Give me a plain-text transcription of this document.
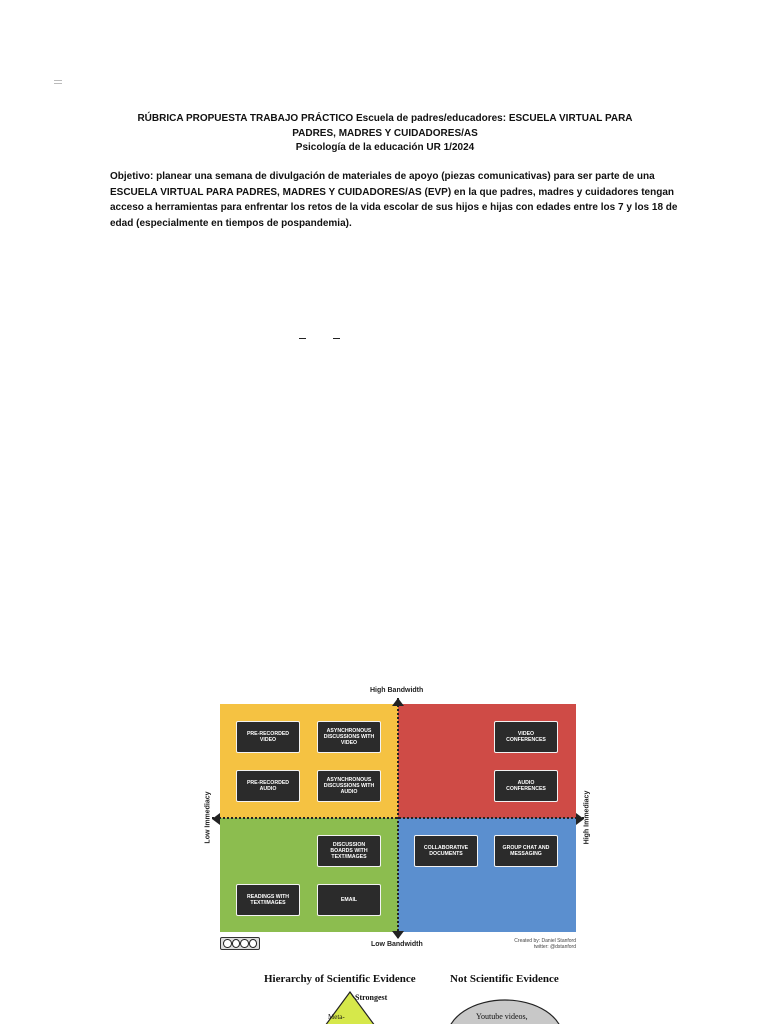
RÚBRICA PROPUESTA TRABAJO PRÁCTICO Escuela de padres/educadores: ESCUELA VIRTUAL PARA
PADRES, MADRES Y CUIDADORES/AS
Psicología de la educación UR 1/2024
Objetivo: planear una semana de divulgación de materiales de apoyo (piezas comunicativas) para ser parte de una ESCUELA VIRTUAL PARA PADRES, MADRES Y CUIDADORES/AS (EVP) en la que padres, madres y cuidadores tengan acceso a herramientas para enfrentar los retos de la vida escolar de sus hijos e hijas con edades entre los 7 y los 18 de edad (especialmente en tiempos de pospandemia).
High Bandwidth
Low Immediacy	High Immediacy
PRE-RECORDED VIDEO
ASYNCHRONOUS DISCUSSIONS WITH VIDEO
PRE-RECORDED AUDIO
ASYNCHRONOUS DISCUSSIONS WITH AUDIO
VIDEO CONFERENCES
AUDIO CONFERENCES
DISCUSSION BOARDS WITH TEXT/IMAGES
READINGS WITH TEXT/IMAGES
EMAIL
COLLABORATIVE DOCUMENTS
GROUP CHAT AND MESSAGING
Low Bandwidth	Created by: Daniel Stanford
twitter: @dstanford
Hierarchy of Scientific Evidence	Not Scientific Evidence
Strongest
Meta-	Youtube videos,
